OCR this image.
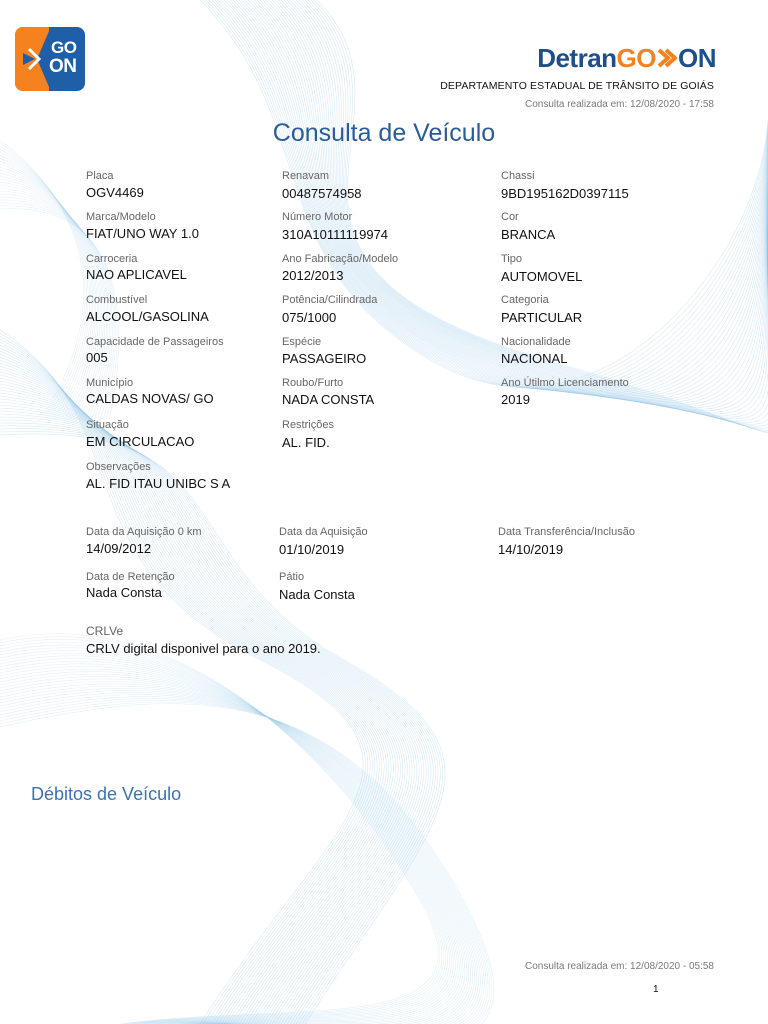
GO
ON	Detran GO ON
DEPARTAMENTO ESTADUAL DE TRÂNSITO DE GOIÁS
Consulta realizada em: 12/08/2020 - 17:58
Consulta de Veículo
Placa
OGV4469
Renavam
00487574958
Chassi
9BD195162D0397115
Marca/Modelo
FIAT/UNO WAY 1.0
Número Motor
310A10111119974
Cor
BRANCA
Carroceria
NAO APLICAVEL
Ano Fabricação/Modelo
2012/2013
Tipo
AUTOMOVEL
Combustível
ALCOOL/GASOLINA
Potência/Cilindrada
075/1000
Categoria
PARTICULAR
Capacidade de Passageiros
005
Espécie
PASSAGEIRO
Nacionalidade
NACIONAL
Município
CALDAS NOVAS/ GO
Roubo/Furto
NADA CONSTA
Ano Útilmo Licenciamento
2019
Situação
EM CIRCULACAO
Restrições
AL. FID.
Observações
AL. FID ITAU UNIBC S A
Data da Aquisição 0 km
14/09/2012
Data da Aquisição
01/10/2019
Data Transferência/Inclusão
14/10/2019
Data de Retenção
Nada Consta
Pátio
Nada Consta
CRLVe
CRLV digital disponivel para o ano 2019.
Débitos de Veículo
Consulta realizada em: 12/08/2020 - 05:58
1
